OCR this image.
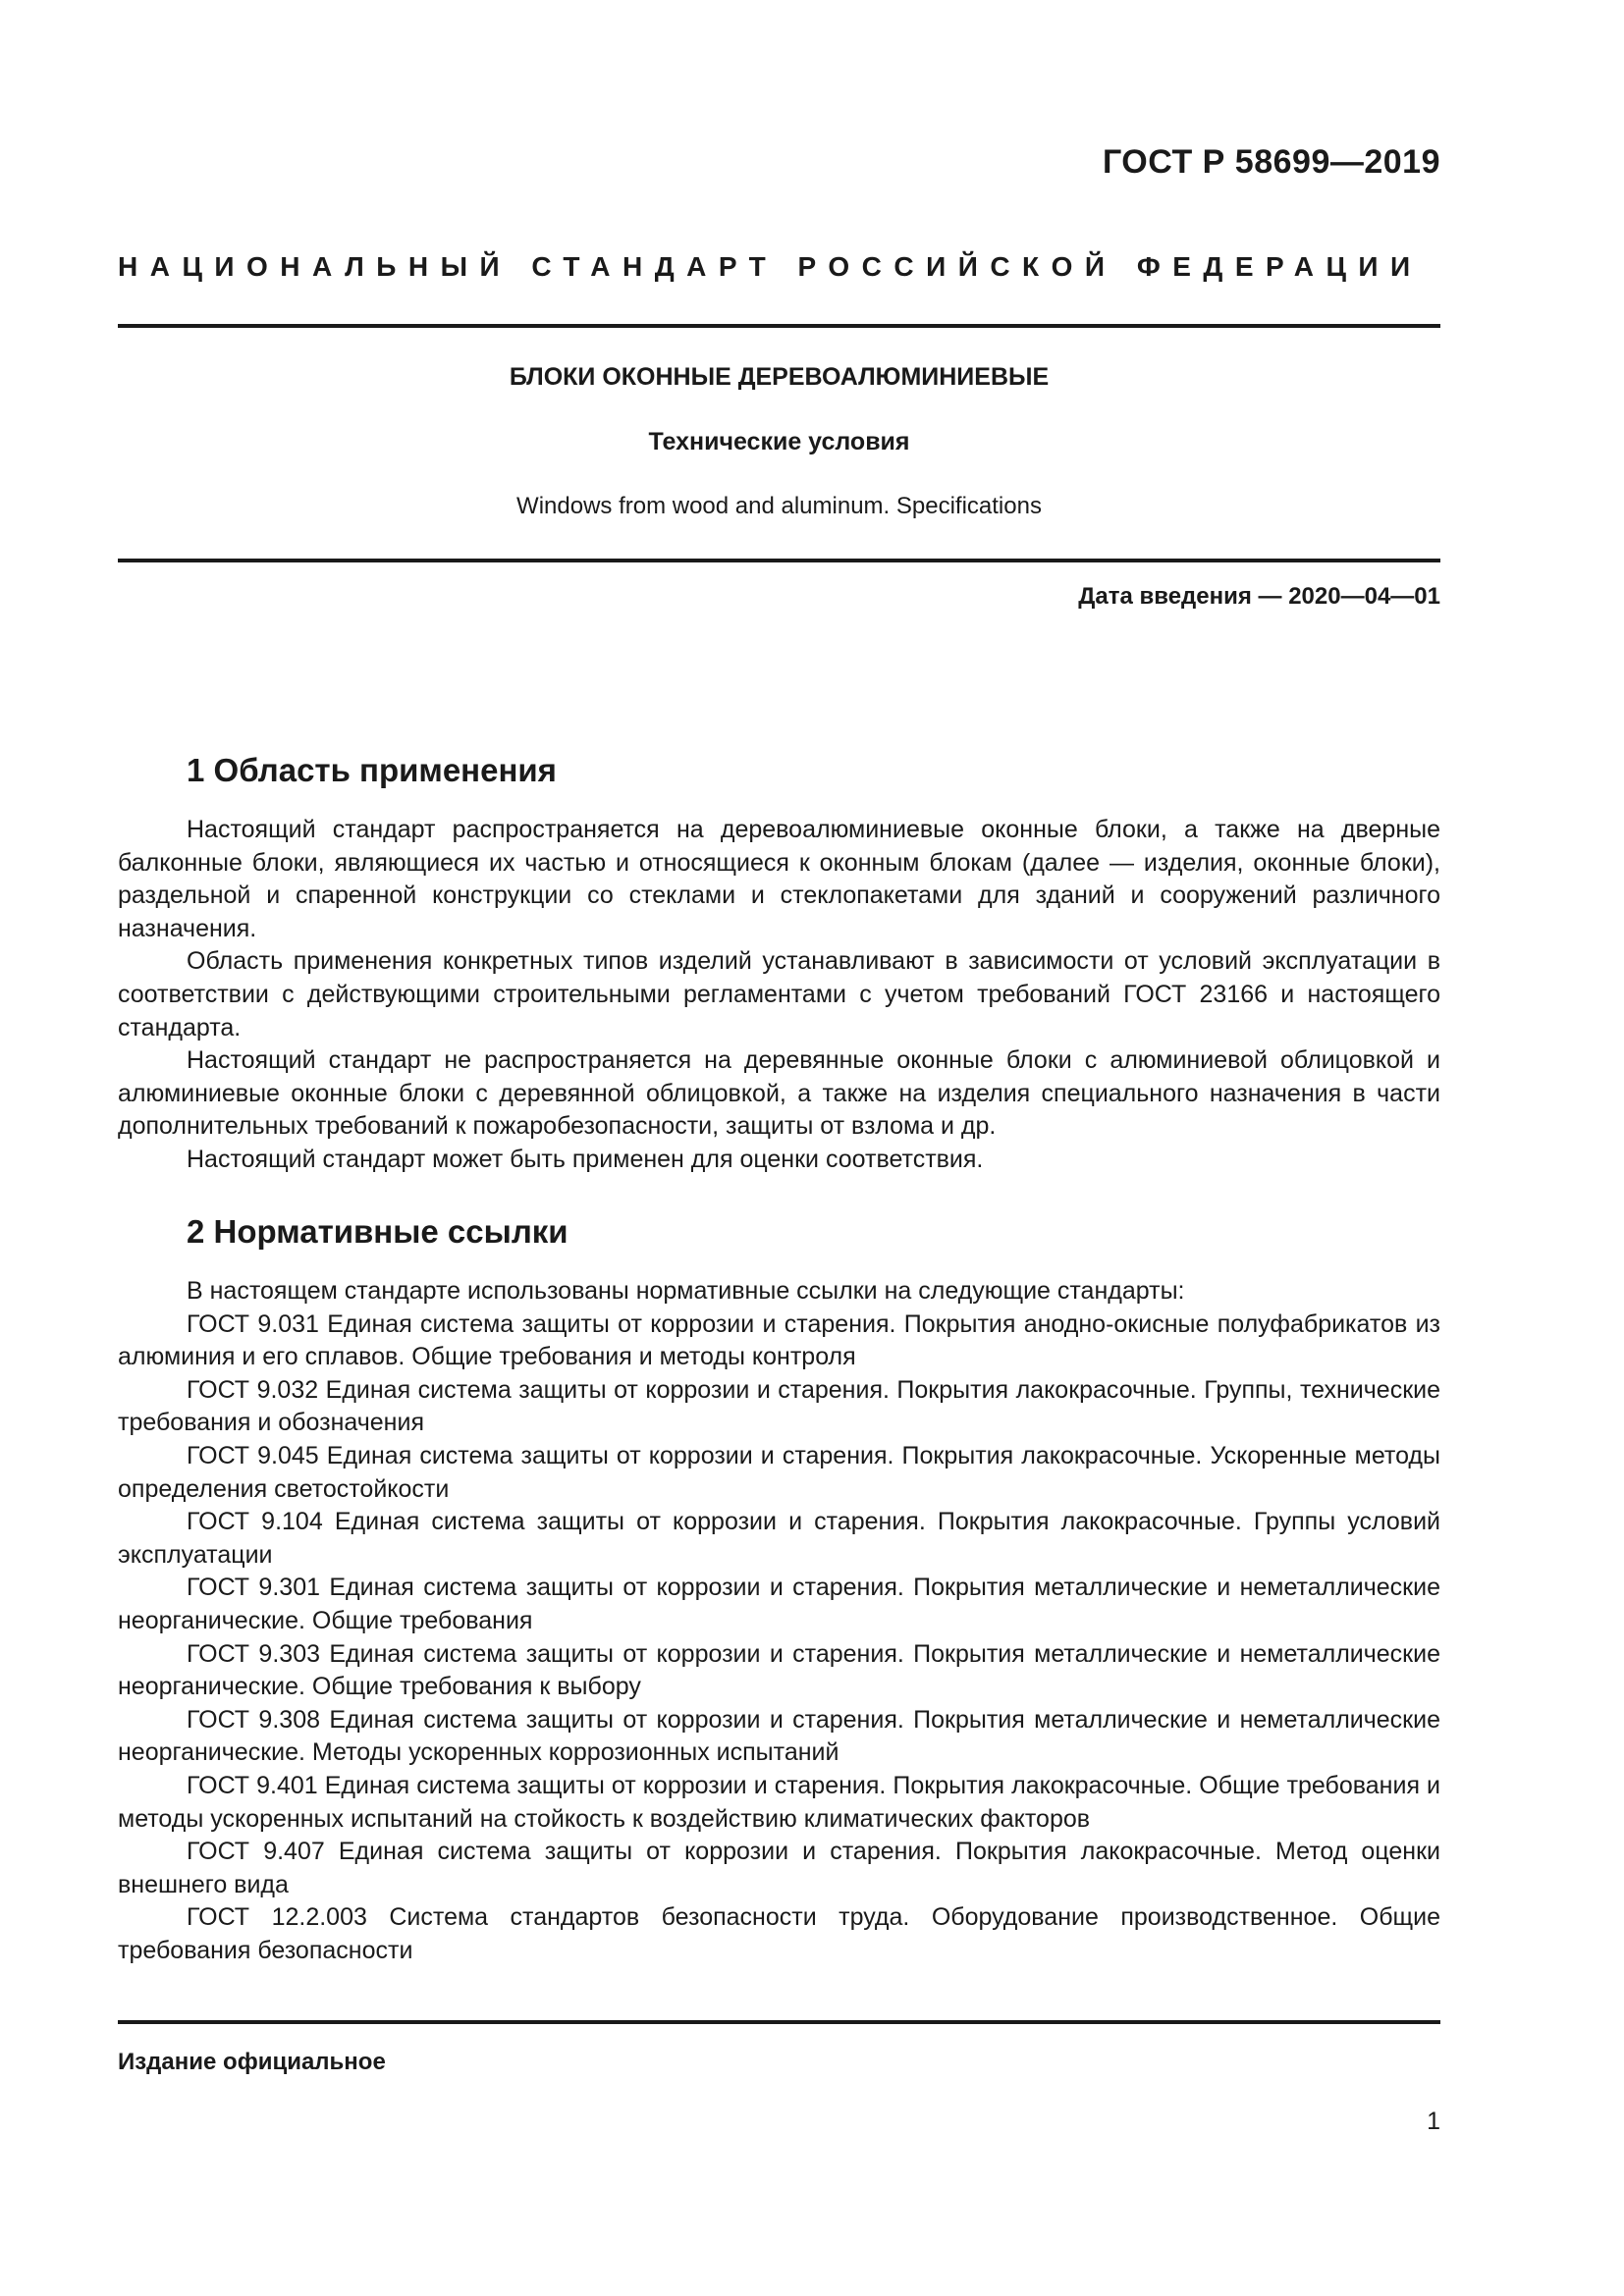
ГОСТ Р 58699—2019
НАЦИОНАЛЬНЫЙ СТАНДАРТ РОССИЙСКОЙ ФЕДЕРАЦИИ
БЛОКИ ОКОННЫЕ ДЕРЕВОАЛЮМИНИЕВЫЕ
Технические условия
Windows from wood and aluminum. Specifications
Дата введения — 2020—04—01
1 Область применения

Настоящий стандарт распространяется на деревоалюминиевые оконные блоки, а также на дверные балконные блоки, являющиеся их частью и относящиеся к оконным блокам (далее — изделия, оконные блоки), раздельной и спаренной конструкции со стеклами и стеклопакетами для зданий и сооружений различного назначения.

Область применения конкретных типов изделий устанавливают в зависимости от условий эксплуатации в соответствии с действующими строительными регламентами с учетом требований ГОСТ 23166 и настоящего стандарта.

Настоящий стандарт не распространяется на деревянные оконные блоки с алюминиевой облицовкой и алюминиевые оконные блоки с деревянной облицовкой, а также на изделия специального назначения в части дополнительных требований к пожаробезопасности, защиты от взлома и др.

Настоящий стандарт может быть применен для оценки соответствия.

2 Нормативные ссылки

В настоящем стандарте использованы нормативные ссылки на следующие стандарты:

ГОСТ 9.031 Единая система защиты от коррозии и старения. Покрытия анодно-окисные полуфабрикатов из алюминия и его сплавов. Общие требования и методы контроля

ГОСТ 9.032 Единая система защиты от коррозии и старения. Покрытия лакокрасочные. Группы, технические требования и обозначения

ГОСТ 9.045 Единая система защиты от коррозии и старения. Покрытия лакокрасочные. Ускоренные методы определения светостойкости

ГОСТ 9.104 Единая система защиты от коррозии и старения. Покрытия лакокрасочные. Группы условий эксплуатации

ГОСТ 9.301 Единая система защиты от коррозии и старения. Покрытия металлические и неметаллические неорганические. Общие требования

ГОСТ 9.303 Единая система защиты от коррозии и старения. Покрытия металлические и неметаллические неорганические. Общие требования к выбору

ГОСТ 9.308 Единая система защиты от коррозии и старения. Покрытия металлические и неметаллические неорганические. Методы ускоренных коррозионных испытаний

ГОСТ 9.401 Единая система защиты от коррозии и старения. Покрытия лакокрасочные. Общие требования и методы ускоренных испытаний на стойкость к воздействию климатических факторов

ГОСТ 9.407 Единая система защиты от коррозии и старения. Покрытия лакокрасочные. Метод оценки внешнего вида

ГОСТ 12.2.003 Система стандартов безопасности труда. Оборудование производственное. Общие требования безопасности

Издание официальное
1
